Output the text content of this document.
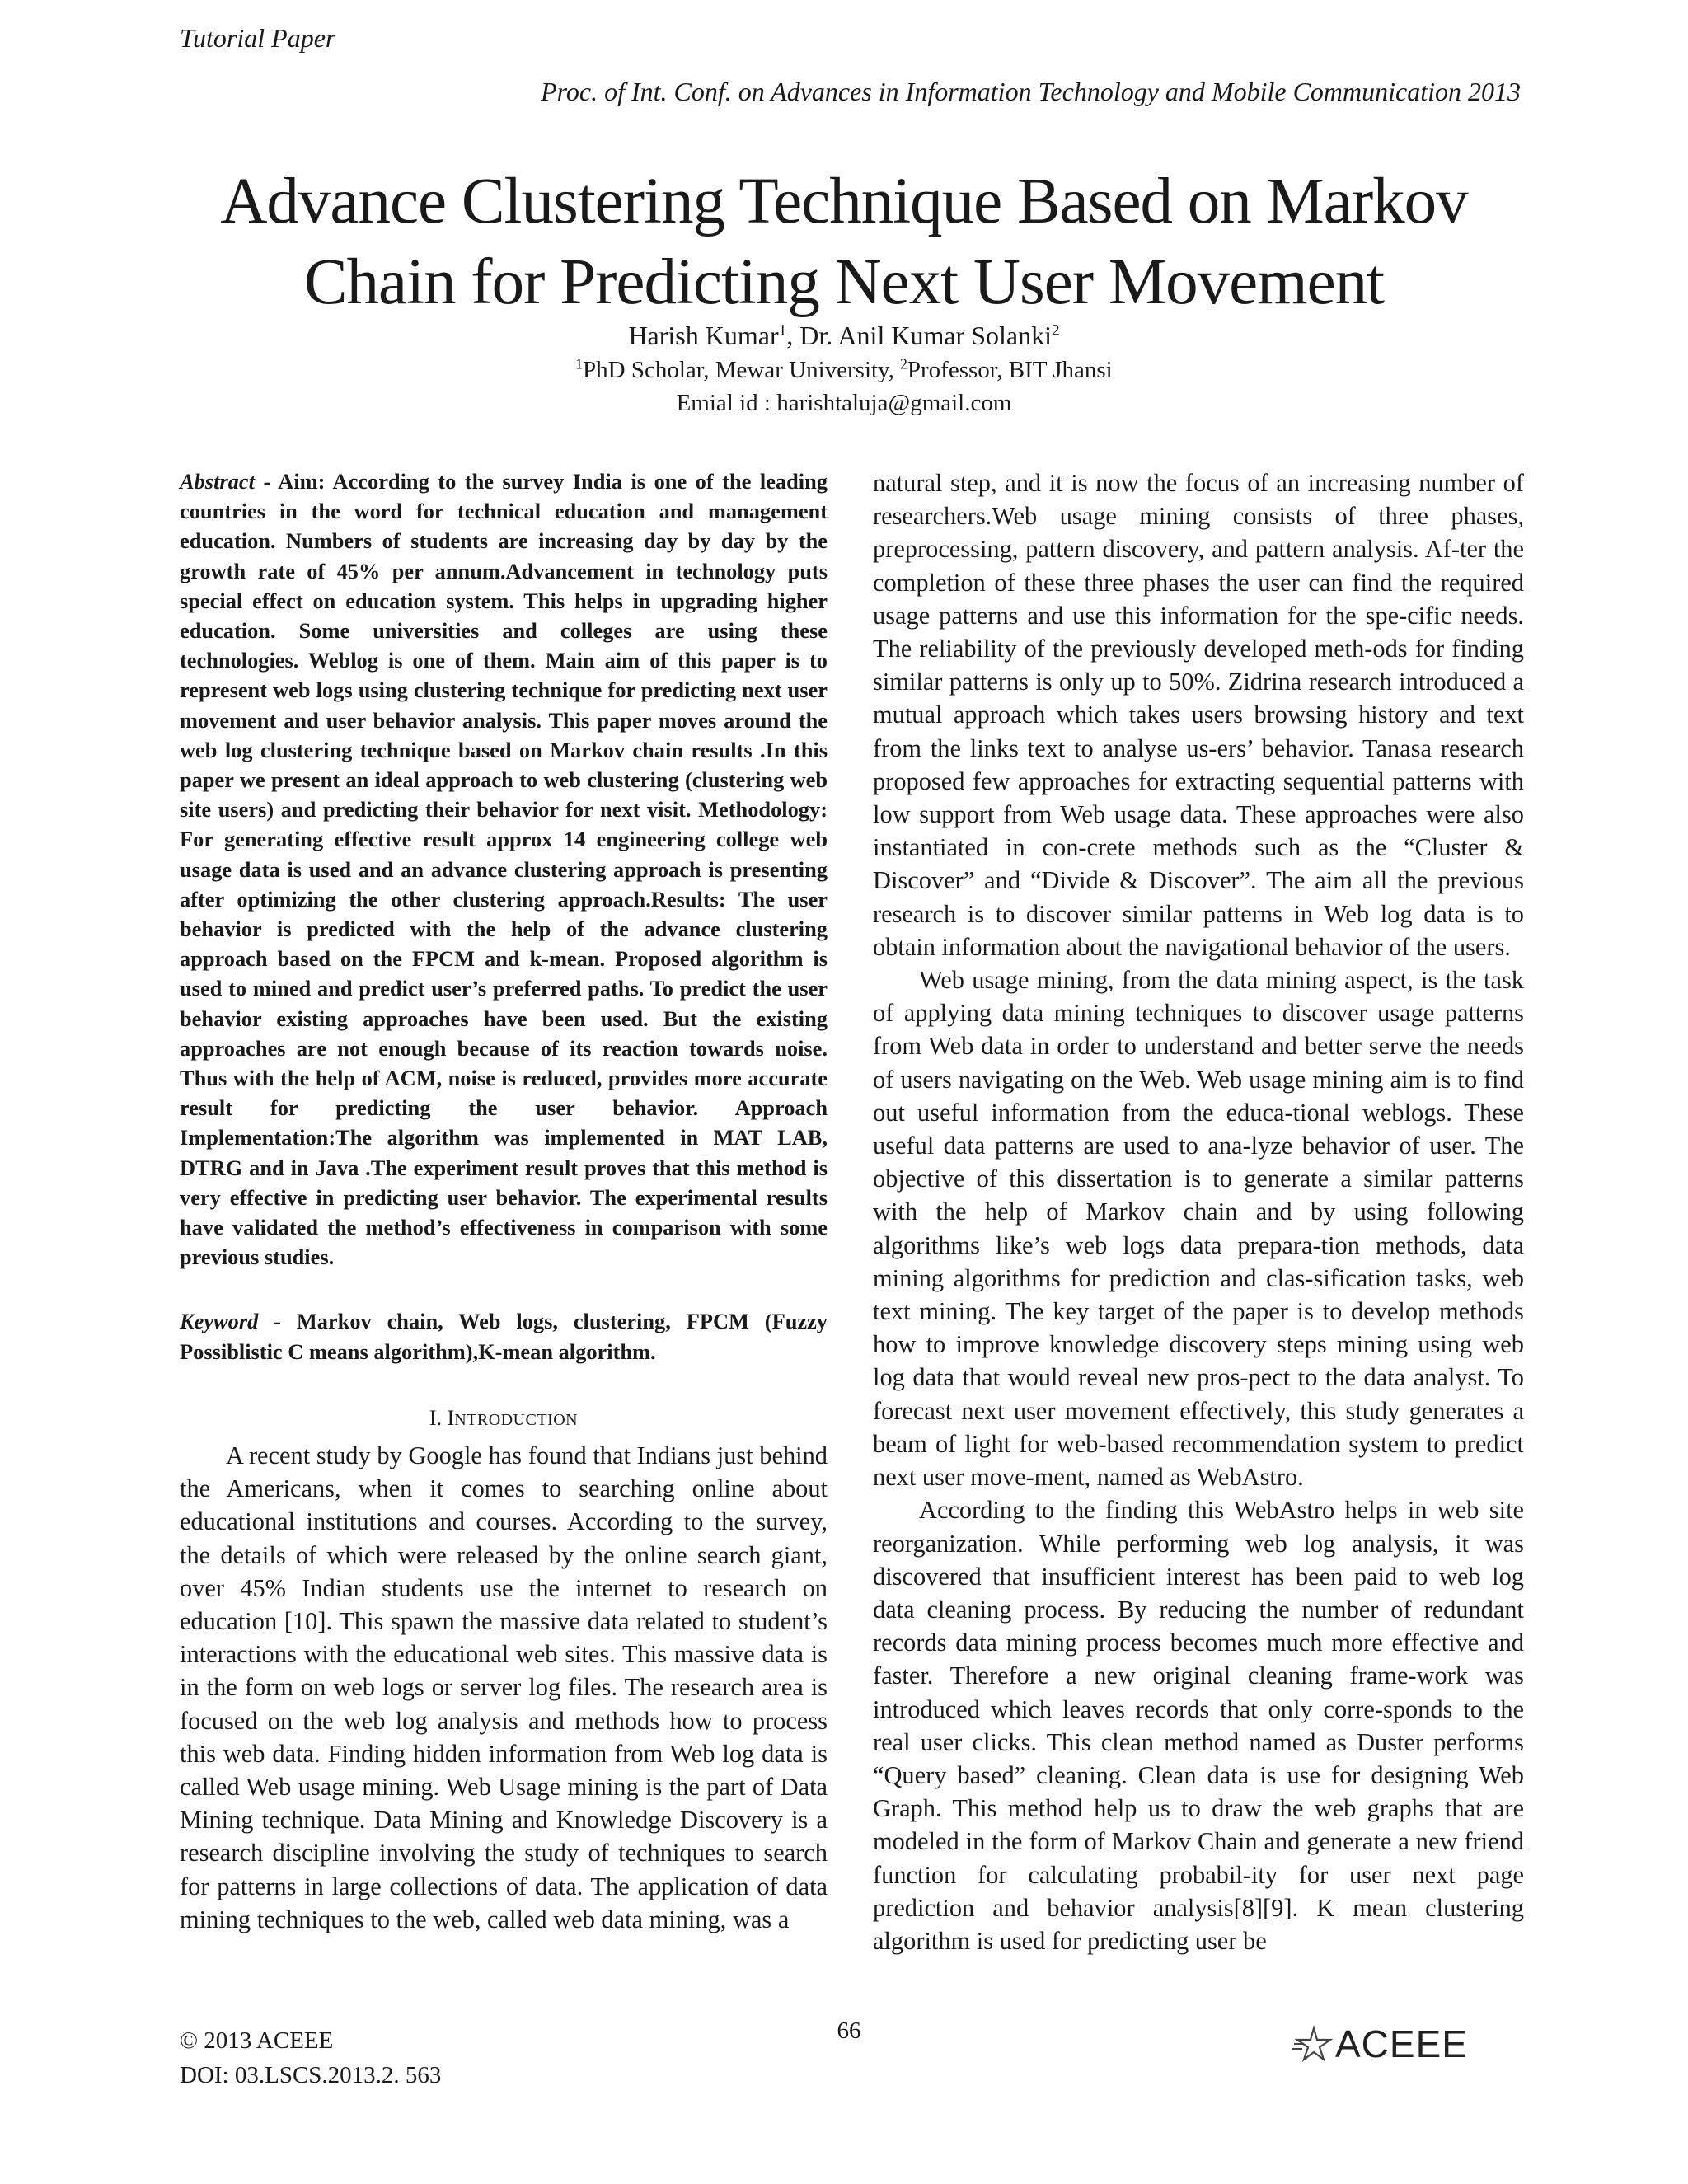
Tutorial Paper
Proc. of Int. Conf. on Advances in Information Technology and Mobile Communication 2013
Advance Clustering Technique Based on Markov
Chain for Predicting Next User Movement
Harish Kumar$^1$, Dr. Anil Kumar Solanki$^2$
$^1$PhD Scholar, Mewar University, $^2$Professor, BIT Jhansi
Emial id : harishtaluja@gmail.com

Abstract - Aim: According to the survey India is one of the leading countries in the word for technical education and management education. Numbers of students are increasing day by day by the growth rate of 45% per annum.Advancement in technology puts special effect on education system. This helps in upgrading higher education. Some universities and colleges are using these technologies. Weblog is one of them. Main aim of this paper is to represent web logs using clustering technique for predicting next user movement and user behavior analysis. This paper moves around the web log clustering technique based on Markov chain results .In this paper we present an ideal approach to web clustering (clustering web site users) and predicting their behavior for next visit. Methodology: For generating effective result approx 14 engineering college web usage data is used and an advance clustering approach is presenting after optimizing the other clustering approach.Results: The user behavior is predicted with the help of the advance clustering approach based on the FPCM and k-mean. Proposed algorithm is used to mined and predict user’s preferred paths. To predict the user behavior existing approaches have been used. But the existing approaches are not enough because of its reaction towards noise. Thus with the help of ACM, noise is reduced, provides more accurate result for predicting the user behavior. Approach Implementation:The algorithm was implemented in MAT LAB, DTRG and in Java .The experiment result proves that this method is very effective in predicting user behavior. The experimental results have validated the method’s effectiveness in comparison with some previous studies.

Keyword - Markov chain, Web logs, clustering, FPCM (Fuzzy Possiblistic C means algorithm),K-mean algorithm.

I. INTRODUCTION

A recent study by Google has found that Indians just behind the Americans, when it comes to searching online about educational institutions and courses. According to the survey, the details of which were released by the online search giant, over 45% Indian students use the internet to research on education [10]. This spawn the massive data related to student’s interactions with the educational web sites. This massive data is in the form on web logs or server log files. The research area is focused on the web log analysis and methods how to process this web data. Finding hidden information from Web log data is called Web usage mining. Web Usage mining is the part of Data Mining technique. Data Mining and Knowledge Discovery is a research discipline involving the study of techniques to search for patterns in large collections of data. The application of data mining techniques to the web, called web data mining, was a

natural step, and it is now the focus of an increasing number of researchers.Web usage mining consists of three phases, preprocessing, pattern discovery, and pattern analysis. Af-ter the completion of these three phases the user can find the required usage patterns and use this information for the spe-cific needs. The reliability of the previously developed meth-ods for finding similar patterns is only up to 50%. Zidrina research introduced a mutual approach which takes users browsing history and text from the links text to analyse us-ers’ behavior. Tanasa research proposed few approaches for extracting sequential patterns with low support from Web usage data. These approaches were also instantiated in con-crete methods such as the “Cluster & Discover” and “Divide & Discover”. The aim all the previous research is to discover similar patterns in Web log data is to obtain information about the navigational behavior of the users.

Web usage mining, from the data mining aspect, is the task of applying data mining techniques to discover usage patterns from Web data in order to understand and better serve the needs of users navigating on the Web. Web usage mining aim is to find out useful information from the educa-tional weblogs. These useful data patterns are used to ana-lyze behavior of user. The objective of this dissertation is to generate a similar patterns with the help of Markov chain and by using following algorithms like’s web logs data prepara-tion methods, data mining algorithms for prediction and clas-sification tasks, web text mining. The key target of the paper is to develop methods how to improve knowledge discovery steps mining using web log data that would reveal new pros-pect to the data analyst. To forecast next user movement effectively, this study generates a beam of light for web-based recommendation system to predict next user move-ment, named as WebAstro.

According to the finding this WebAstro helps in web site reorganization. While performing web log analysis, it was discovered that insufficient interest has been paid to web log data cleaning process. By reducing the number of redundant records data mining process becomes much more effective and faster. Therefore a new original cleaning frame-work was introduced which leaves records that only corre-sponds to the real user clicks. This clean method named as Duster performs “Query based” cleaning. Clean data is use for designing Web Graph. This method help us to draw the web graphs that are modeled in the form of Markov Chain and generate a new friend function for calculating probabil-ity for user next page prediction and behavior analysis[8][9]. K mean clustering algorithm is used for predicting user be

© 2013 ACEEE
DOI: 03.LSCS.2013.2. 563
66	ACEEE
